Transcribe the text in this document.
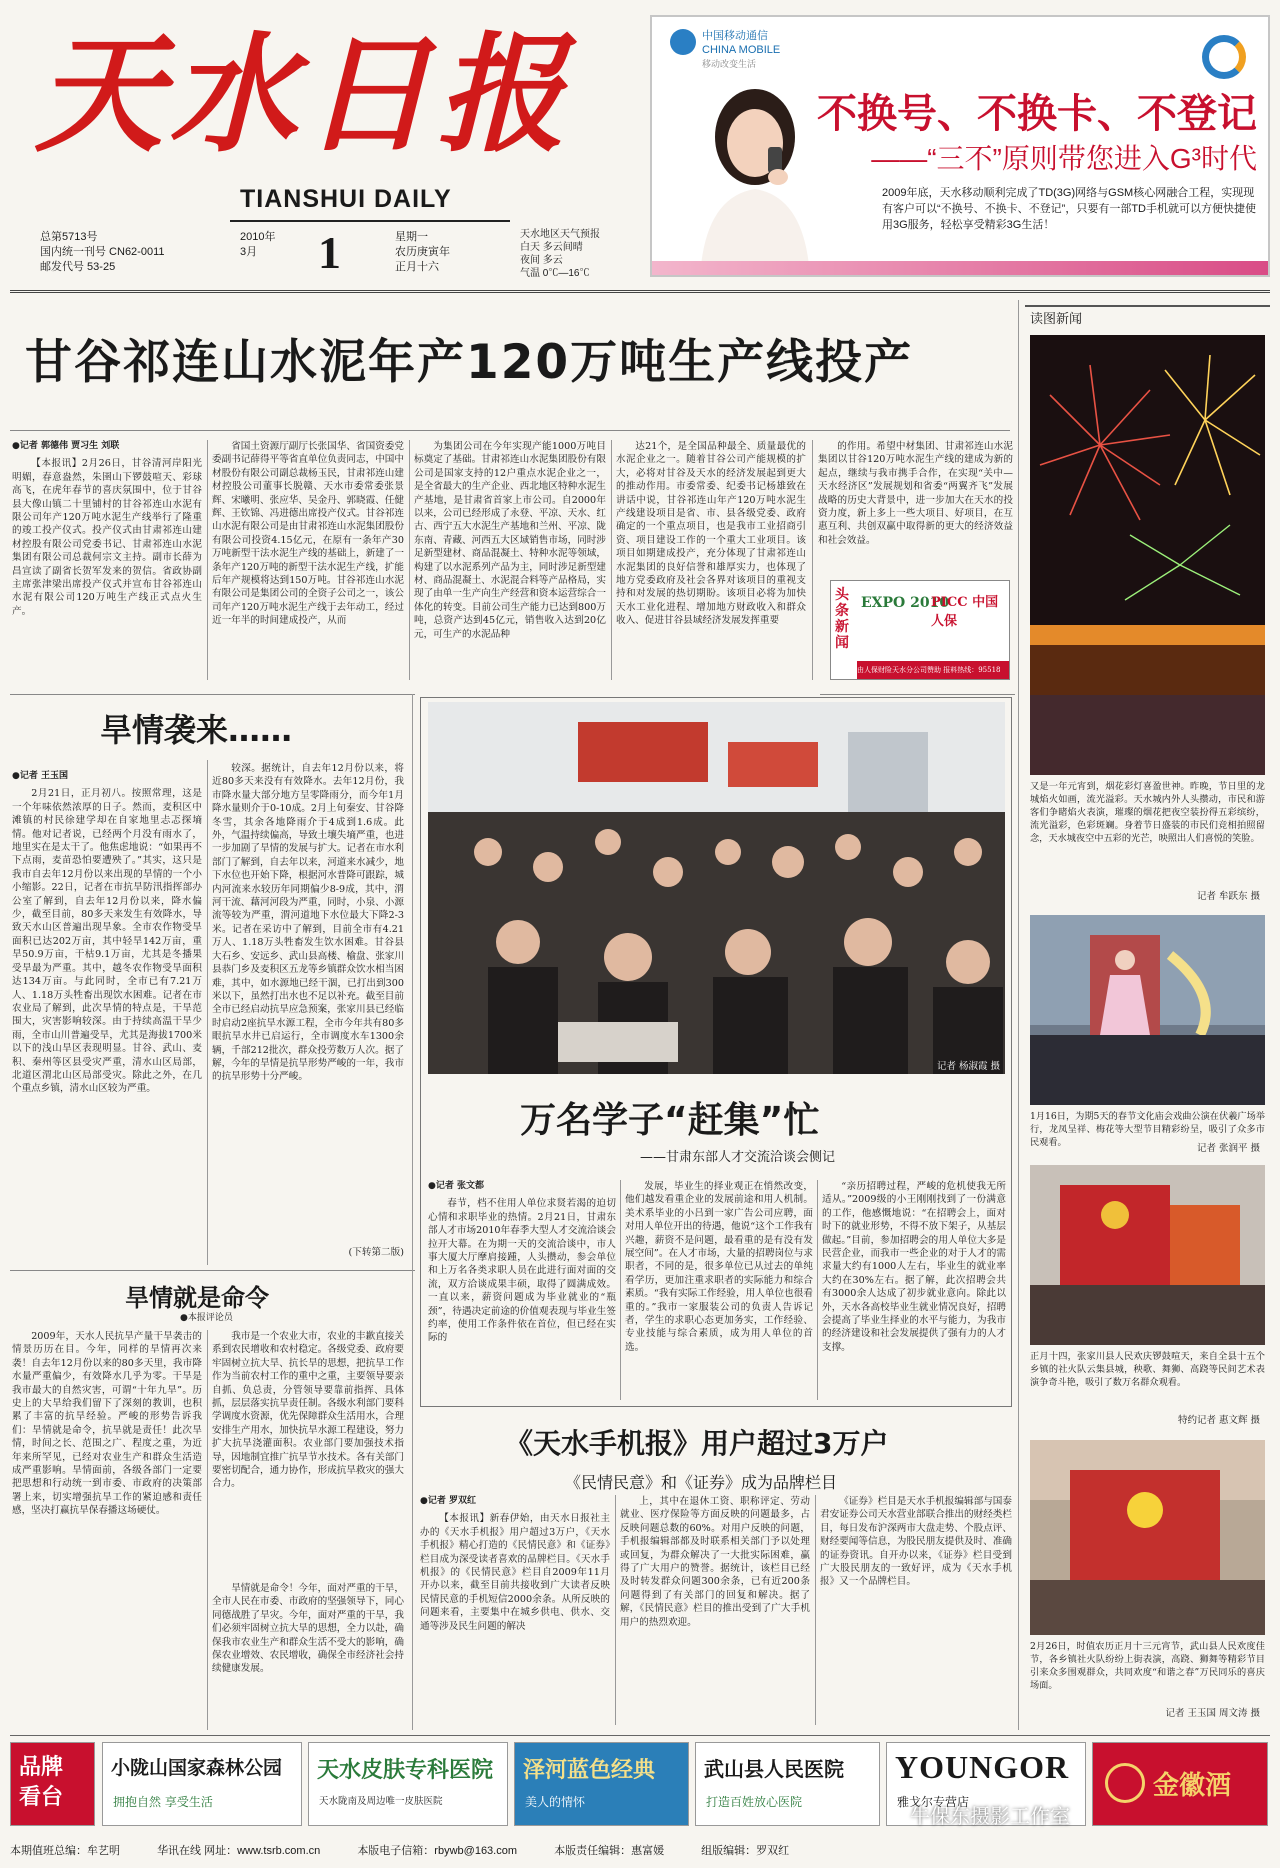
天水日报
TIANSHUI DAILY
总第5713号
国内统一刊号 CN62-0011
邮发代号 53-25
2010年
3月	1	星期一
农历庚寅年
正月十六
天水地区天气预报
白天 多云间晴
夜间 多云
气温 0℃—16℃
中国移动通信
CHINA MOBILE
移动改变生活
不换号、不换卡、不登记
——“三不”原则带您进入G³时代
2009年底，天水移动顺利完成了TD(3G)网络与GSM核心网融合工程，实现现有客户可以“不换号、不换卡、不登记”，只要有一部TD手机就可以方便快捷使用3G服务，轻松享受精彩3G生活！
读图新闻
又是一年元宵到，烟花彩灯喜盈世神。昨晚，节日里的龙城焰火如画，流光溢彩。天水城内外人头攒动，市民和游客们争睹焰火表演，璀璨的烟花把夜空装扮得五彩缤纷，流光溢彩，色彩斑斓。身着节日盛装的市民们竞相拍照留念，天水城夜空中五彩的光芒，映照出人们喜悦的笑脸。
记者 牟跃东 摄
1月16日，为期5天的春节文化庙会戏曲公演在伏羲广场举行，龙凤呈祥、梅花等大型节目精彩纷呈，吸引了众多市民观看。
记者 张润平 摄
正月十四，张家川县人民欢庆锣鼓喧天，来自全县十五个乡镇的社火队云集县城，秧歌、舞狮、高跷等民间艺术表演争奇斗艳，吸引了数万名群众观看。
特约记者 惠文辉 摄
2月26日，时值农历正月十三元宵节，武山县人民欢度佳节，各乡镇社火队纷纷上街表演，高跷、狮舞等精彩节目引来众多围观群众，共同欢度“和谐之春”万民同乐的喜庆场面。
记者 王玉国 周文涛 摄
甘谷祁连山水泥年产120万吨生产线投产
●记者 郭德伟 贾习生 刘联

【本报讯】2月26日，甘谷清河岸阳光明媚，春意盎然，朱圉山下锣鼓喧天、彩球高飞，在虎年春节的喜庆氛围中，位于甘谷县大像山镇二十里铺村的甘谷祁连山水泥有限公司年产120万吨水泥生产线举行了隆重的竣工投产仪式。投产仪式由甘肃祁连山建材控股有限公司党委书记、甘肃祁连山水泥集团有限公司总裁何宗文主持。副市长薛为昌宣读了副省长贺军发来的贺信。省政协副主席张津梁出席投产仪式并宣布甘谷祁连山水泥有限公司120万吨生产线正式点火生产。

省国土资源厅副厅长张国华、省国资委党委副书记薛得平等省直单位负责同志，中国中材股份有限公司副总裁杨玉民，甘肃祁连山建材控股公司董事长脱赣、天水市委常委张景辉、宋曦明、张应华、吴金丹、郭晓霞、任健辉、王钦锦、冯进德出席投产仪式。甘谷祁连山水泥有限公司是由甘肃祁连山水泥集团股份有限公司投资4.15亿元，在原有一条年产30万吨新型干法水泥生产线的基础上，新建了一条年产120万吨的新型干法水泥生产线，扩能后年产规模将达到150万吨。甘谷祁连山水泥有限公司是集团公司的全资子公司之一，该公司年产120万吨水泥生产线于去年动工，经过近一年半的时间建成投产，从而

为集团公司在今年实现产能1000万吨目标奠定了基础。甘肃祁连山水泥集团股份有限公司是国家支持的12户重点水泥企业之一，是全省最大的生产企业、西北地区特种水泥生产基地，是甘肃省首家上市公司。自2000年以来，公司已经形成了永登、平凉、天水、红古、西宁五大水泥生产基地和兰州、平凉、陇东南、青藏、河西五大区域销售市场，同时涉足新型建材、商品混凝土、特种水泥等领域，构建了以水泥系列产品为主，同时涉足新型建材、商品混凝土、水泥混合料等产品格局，实现了由单一生产向生产经营和资本运营综合一体化的转变。目前公司生产能力已达到800万吨，总资产达到45亿元，销售收入达到20亿元，可生产的水泥品种

达21个，是全国品种最全、质量最优的水泥企业之一。随着甘谷公司产能规模的扩大，必将对甘谷及天水的经济发展起到更大的推动作用。市委常委、纪委书记杨雄致在讲话中说，甘谷祁连山年产120万吨水泥生产线建设项目是省、市、县各级党委、政府确定的一个重点项目，也是我市工业招商引资、项目建设工作的一个重大工业项目。该项目如期建成投产，充分体现了甘肃祁连山水泥集团的良好信誉和雄厚实力，也体现了地方党委政府及社会各界对该项目的重视支持和对发展的热切期盼。该项目必将为加快天水工业化进程、增加地方财政收入和群众收入、促进甘谷县域经济发展发挥重要

的作用。希望中材集团、甘肃祁连山水泥集团以甘谷120万吨水泥生产线的建成为新的起点，继续与我市携手合作，在实现“关中—天水经济区”发展规划和省委“两翼齐飞”发展战略的历史大背景中，进一步加大在天水的投资力度，新上多上一些大项目、好项目，在互惠互利、共创双赢中取得新的更大的经济效益和社会效益。

头条新闻
EXPO 2010
PICC 中国人保
由人保财险天水分公司赞助 报料热线：95518
旱情袭来……
●记者 王玉国

2月21日，正月初八。按照常理，这是一个年味依然浓厚的日子。然而，麦积区中滩镇的村民徐建学却在自家地里忐忑探墒情。他对记者说，已经两个月没有雨水了，地里实在是太干了。他焦虑地说：“如果再不下点雨，麦苗恐怕要遭殃了。”其实，这只是我市自去年12月份以来出现的旱情的一个小小缩影。22日，记者在市抗旱防汛指挥部办公室了解到，自去年12月份以来，降水偏少，截至目前，80多天来发生有效降水，导致天水山区普遍出现旱象。全市农作物受旱面积已达202万亩，其中轻旱142万亩，重旱50.9万亩，干枯9.1万亩，尤其是冬播果受旱最为严重。其中，越冬农作物受旱面积达134万亩。与此同时，全市已有7.21万人、1.18万头牲畜出现饮水困难。记者在市农业局了解到，此次旱情的特点是，干旱范围大，灾害影响较深。由于持续高温干旱少雨，全市山川普遍受旱，尤其是海拔1700米以下的浅山旱区表现明显。甘谷、武山、麦积、秦州等区县受灾严重，清水山区局部，北道区渭北山区局部受灾。除此之外，在几个重点乡镇，清水山区较为严重。

较深。据统计，自去年12月份以来，将近80多天来没有有效降水。去年12月份，我市降水量大部分地方呈零降雨分，而今年1月降水量则介于0-10成。2月上旬秦安、甘谷降冬雪，其余各地降雨介于4成到1.6成。此外，气温持续偏高，导致土壤失墒严重，也进一步加剧了旱情的发展与扩大。记者在市水利部门了解到，自去年以来，河道来水减少，地下水位也开始下降，根据河水普降可跟踪，城内河流来水较历年同期偏少8-9成，其中，渭河干流、藉河河段为严重，同时，小泉、小源流等较为严重，渭河道地下水位最大下降2-3米。记者在采访中了解到，目前全市有4.21万人、1.18万头牲畜发生饮水困难。甘谷县大石乡、安远乡、武山县高楼、榆盘、张家川县恭门乡及麦积区五龙等乡镇群众饮水相当困难，其中，如水源地已经干涸，已打出到300米以下，虽然打出水也不足以补充。截至目前全市已经启动抗旱应急预案，张家川县已经临时启动2座抗旱水源工程，全市今年共有80多眼抗旱水井已启运行，全市调度水车1300余辆，千部212批次，群众投劳数万人次。据了解，今年的旱情是抗旱形势严峻的一年，我市的抗旱形势十分严峻。

(下转第二版)
旱情就是命令
●本报评论员

2009年，天水人民抗旱产量干旱袭击的情景历历在目。今年，同样的旱情再次来袭！自去年12月份以来的80多天里，我市降水量严重偏少，有效降水几乎为零。干旱是我市最大的自然灾害，可谓“十年九旱”。历史上的大旱给我们留下了深刻的教训，也积累了丰富的抗旱经验。严峻的形势告诉我们：旱情就是命令，抗旱就是责任！此次旱情，时间之长、范围之广、程度之重，为近年来所罕见，已经对农业生产和群众生活造成严重影响。旱情面前，各级各部门一定要把思想和行动统一到市委、市政府的决策部署上来，切实增强抗旱工作的紧迫感和责任感，坚决打赢抗旱保春播这场硬仗。

我市是一个农业大市，农业的丰歉直接关系到农民增收和农村稳定。各级党委、政府要牢固树立抗大旱、抗长旱的思想，把抗旱工作作为当前农村工作的重中之重，主要领导要亲自抓、负总责，分管领导要靠前指挥、具体抓，层层落实抗旱责任制。各级水利部门要科学调度水资源，优先保障群众生活用水，合理安排生产用水，加快抗旱水源工程建设，努力扩大抗旱浇灌面积。农业部门要加强技术指导，因地制宜推广抗旱节水技术。各有关部门要密切配合，通力协作，形成抗旱救灾的强大合力。

旱情就是命令！今年，面对严重的干旱，全市人民在市委、市政府的坚强领导下，同心同德战胜了旱灾。今年，面对严重的干旱，我们必须牢固树立抗大旱的思想，全力以赴，确保我市农业生产和群众生活不受大的影响，确保农业增效、农民增收，确保全市经济社会持续健康发展。

记者 杨淑霞 摄
万名学子“赶集”忙
——甘肃东部人才交流洽谈会侧记
●记者 张文都

春节，档不住用人单位求贤若渴的迫切心情和求职毕业的热情。2月21日，甘肃东部人才市场2010年春季大型人才交流洽谈会拉开大幕。在为期一天的交流洽谈中，市人事大厦大厅摩肩接踵，人头攒动，参会单位和上万名各类求职人员在此进行面对面的交流，双方洽谈成果丰硕，取得了圆满成效。一直以来，薪资问题成为毕业就业的“瓶颈”，待遇决定前途的价值观表现与毕业生签约率，使用工作条件依在首位，但已经在实际的

发展，毕业生的择业观正在悄然改变，他们越发看重企业的发展前途和用人机制。美术系毕业的小吕到一家广告公司应聘，面对用人单位开出的待遇，他说“这个工作我有兴趣，薪资不是问题，最看重的是有没有发展空间”。在人才市场，大量的招聘岗位与求职者，不同的是，很多单位已从过去的单纯看学历，更加注重求职者的实际能力和综合素质。“我有实际工作经验，用人单位也很看重的。”我市一家服装公司的负责人告诉记者，学生的求职心态更加务实，工作经验、专业技能与综合素质，成为用人单位的首选。

“亲历招聘过程，严峻的危机使我无所适从。”2009级的小王刚刚找到了一份满意的工作，他感慨地说：“在招聘会上，面对时下的就业形势，不得不放下架子，从基层做起。”目前，参加招聘会的用人单位大多是民营企业，而我市一些企业的对于人才的需求量大约有1000人左右，毕业生的就业率大约在30%左右。据了解，此次招聘会共有3000余人达成了初步就业意向。除此以外，天水各高校毕业生就业情况良好，招聘会提高了毕业生择业的水平与能力，为我市的经济建设和社会发展提供了强有力的人才支撑。

《天水手机报》用户超过3万户
《民情民意》和《证券》成为品牌栏目
●记者 罗双红

【本报讯】新春伊始，由天水日报社主办的《天水手机报》用户超过3万户，《天水手机报》精心打造的《民情民意》和《证券》栏目成为深受读者喜欢的品牌栏目。《天水手机报》的《民情民意》栏目自2009年11月开办以来，截至目前共接收到广大读者反映民情民意的手机短信2000余条。从所反映的问题来看，主要集中在城乡供电、供水、交通等涉及民生问题的解决

上，其中在退休工资、职称评定、劳动就业、医疗保险等方面反映的问题最多，占反映问题总数的60%。对用户反映的问题，手机报编辑部都及时联系相关部门予以处理或回复，为群众解决了一大批实际困难，赢得了广大用户的赞誉。据统计，该栏目已经及时转发群众问题300余条，已有近200条问题得到了有关部门的回复和解决。据了解，《民情民意》栏目的推出受到了广大手机用户的热烈欢迎。

《证券》栏目是天水手机报编辑部与国泰君安证券公司天水营业部联合推出的财经类栏目，每日发布沪深两市大盘走势、个股点评、财经要闻等信息，为股民朋友提供及时、准确的证券资讯。自开办以来，《证券》栏目受到广大股民朋友的一致好评，成为《天水手机报》又一个品牌栏目。

品牌看台
小陇山国家森林公园
拥抱自然 享受生活
天水皮肤专科医院
天水陇南及周边唯一皮肤医院
泽河蓝色经典
美人的情怀
武山县人民医院
打造百姓放心医院
YOUNGOR
雅戈尔专营店
金徽酒
牛保东摄影工作室
本期值班总编：牟艺明	华讯在线 网址：www.tsrb.com.cn	本版电子信箱：rbywb@163.com	本版责任编辑：惠富媛	组版编辑：罗双红
